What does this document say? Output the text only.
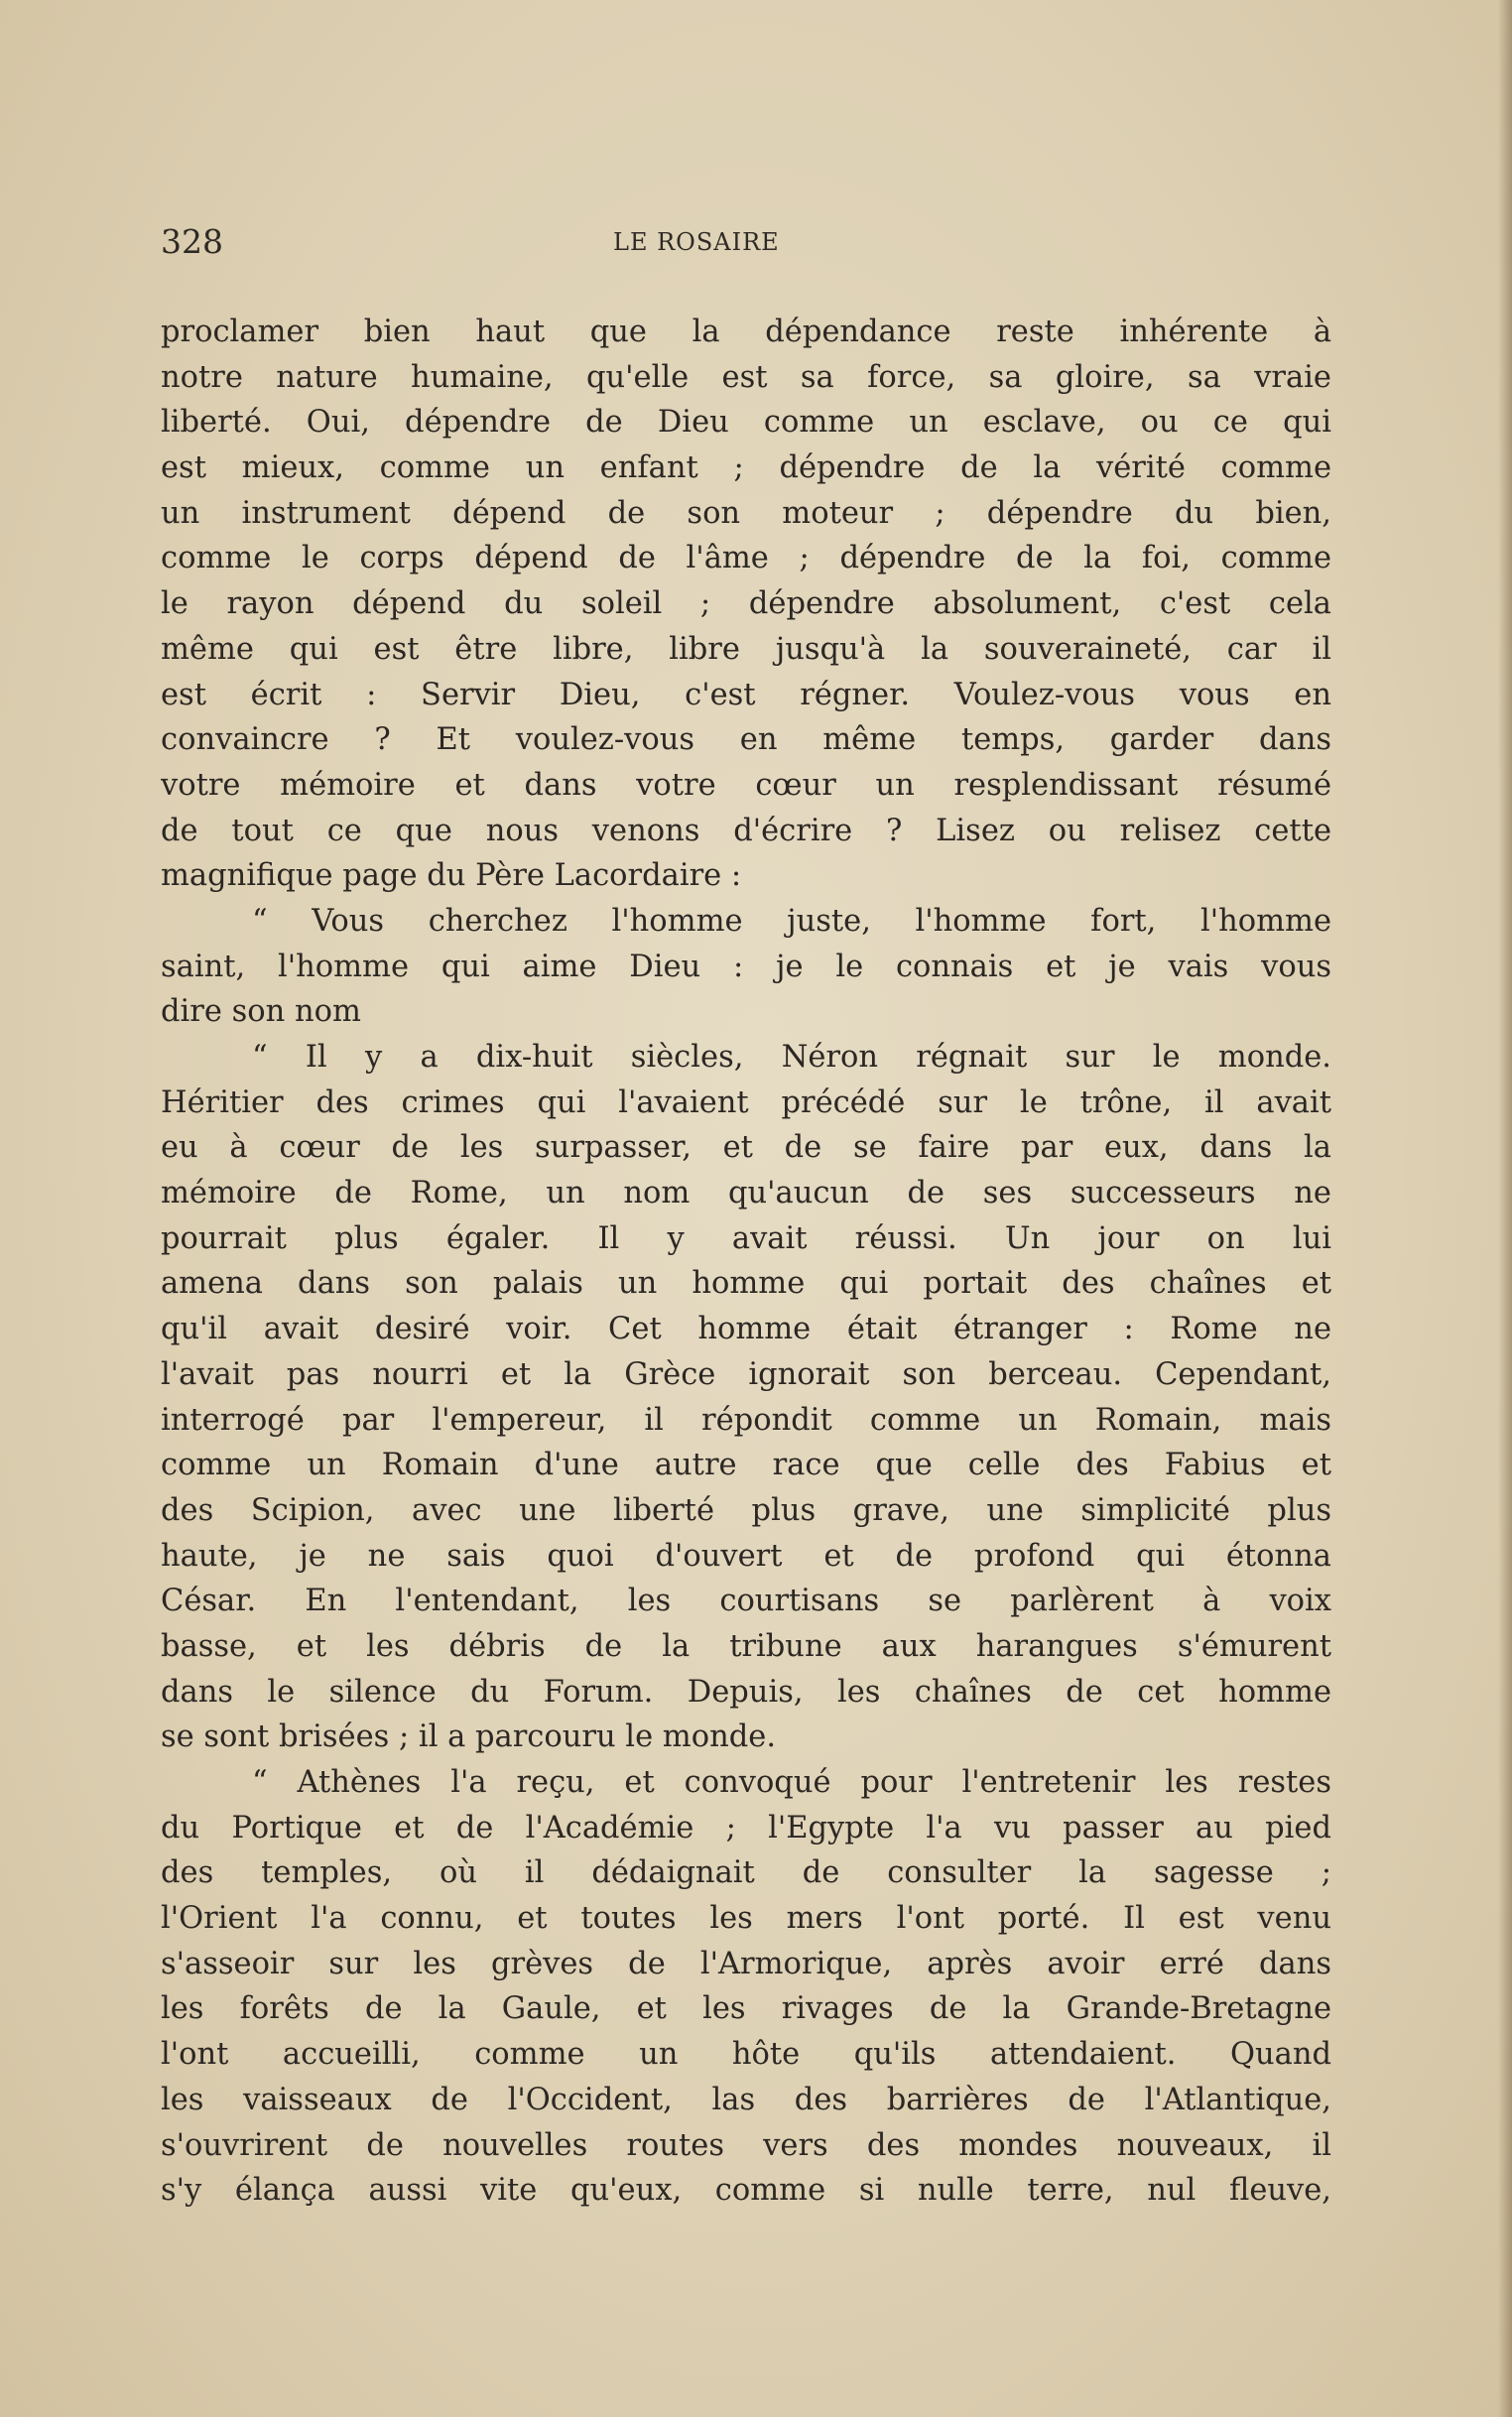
328	LE ROSAIRE
proclamer bien haut que la dépendance reste inhérente à
notre nature humaine, qu'elle est sa force, sa gloire, sa vraie
liberté. Oui, dépendre de Dieu comme un esclave, ou ce qui
est mieux, comme un enfant ; dépendre de la vérité comme
un instrument dépend de son moteur ; dépendre du bien,
comme le corps dépend de l'âme ; dépendre de la foi, comme
le rayon dépend du soleil ; dépendre absolument, c'est cela
même qui est être libre, libre jusqu'à la souveraineté, car il
est écrit : Servir Dieu, c'est régner. Voulez-vous vous en
convaincre ? Et voulez-vous en même temps, garder dans
votre mémoire et dans votre cœur un resplendissant résumé
de tout ce que nous venons d'écrire ? Lisez ou relisez cette
magnifique page du Père Lacordaire :
“ Vous cherchez l'homme juste, l'homme fort, l'homme
saint, l'homme qui aime Dieu : je le connais et je vais vous
dire son nom
“ Il y a dix-huit siècles, Néron régnait sur le monde.
Héritier des crimes qui l'avaient précédé sur le trône, il avait
eu à cœur de les surpasser, et de se faire par eux, dans la
mémoire de Rome, un nom qu'aucun de ses successeurs ne
pourrait plus égaler. Il y avait réussi. Un jour on lui
amena dans son palais un homme qui portait des chaînes et
qu'il avait desiré voir. Cet homme était étranger : Rome ne
l'avait pas nourri et la Grèce ignorait son berceau. Cependant,
interrogé par l'empereur, il répondit comme un Romain, mais
comme un Romain d'une autre race que celle des Fabius et
des Scipion, avec une liberté plus grave, une simplicité plus
haute, je ne sais quoi d'ouvert et de profond qui étonna
César. En l'entendant, les courtisans se parlèrent à voix
basse, et les débris de la tribune aux harangues s'émurent
dans le silence du Forum. Depuis, les chaînes de cet homme
se sont brisées ; il a parcouru le monde.
“ Athènes l'a reçu, et convoqué pour l'entretenir les restes
du Portique et de l'Académie ; l'Egypte l'a vu passer au pied
des temples, où il dédaignait de consulter la sagesse ;
l'Orient l'a connu, et toutes les mers l'ont porté. Il est venu
s'asseoir sur les grèves de l'Armorique, après avoir erré dans
les forêts de la Gaule, et les rivages de la Grande-Bretagne
l'ont accueilli, comme un hôte qu'ils attendaient. Quand
les vaisseaux de l'Occident, las des barrières de l'Atlantique,
s'ouvrirent de nouvelles routes vers des mondes nouveaux, il
s'y élança aussi vite qu'eux, comme si nulle terre, nul fleuve,
